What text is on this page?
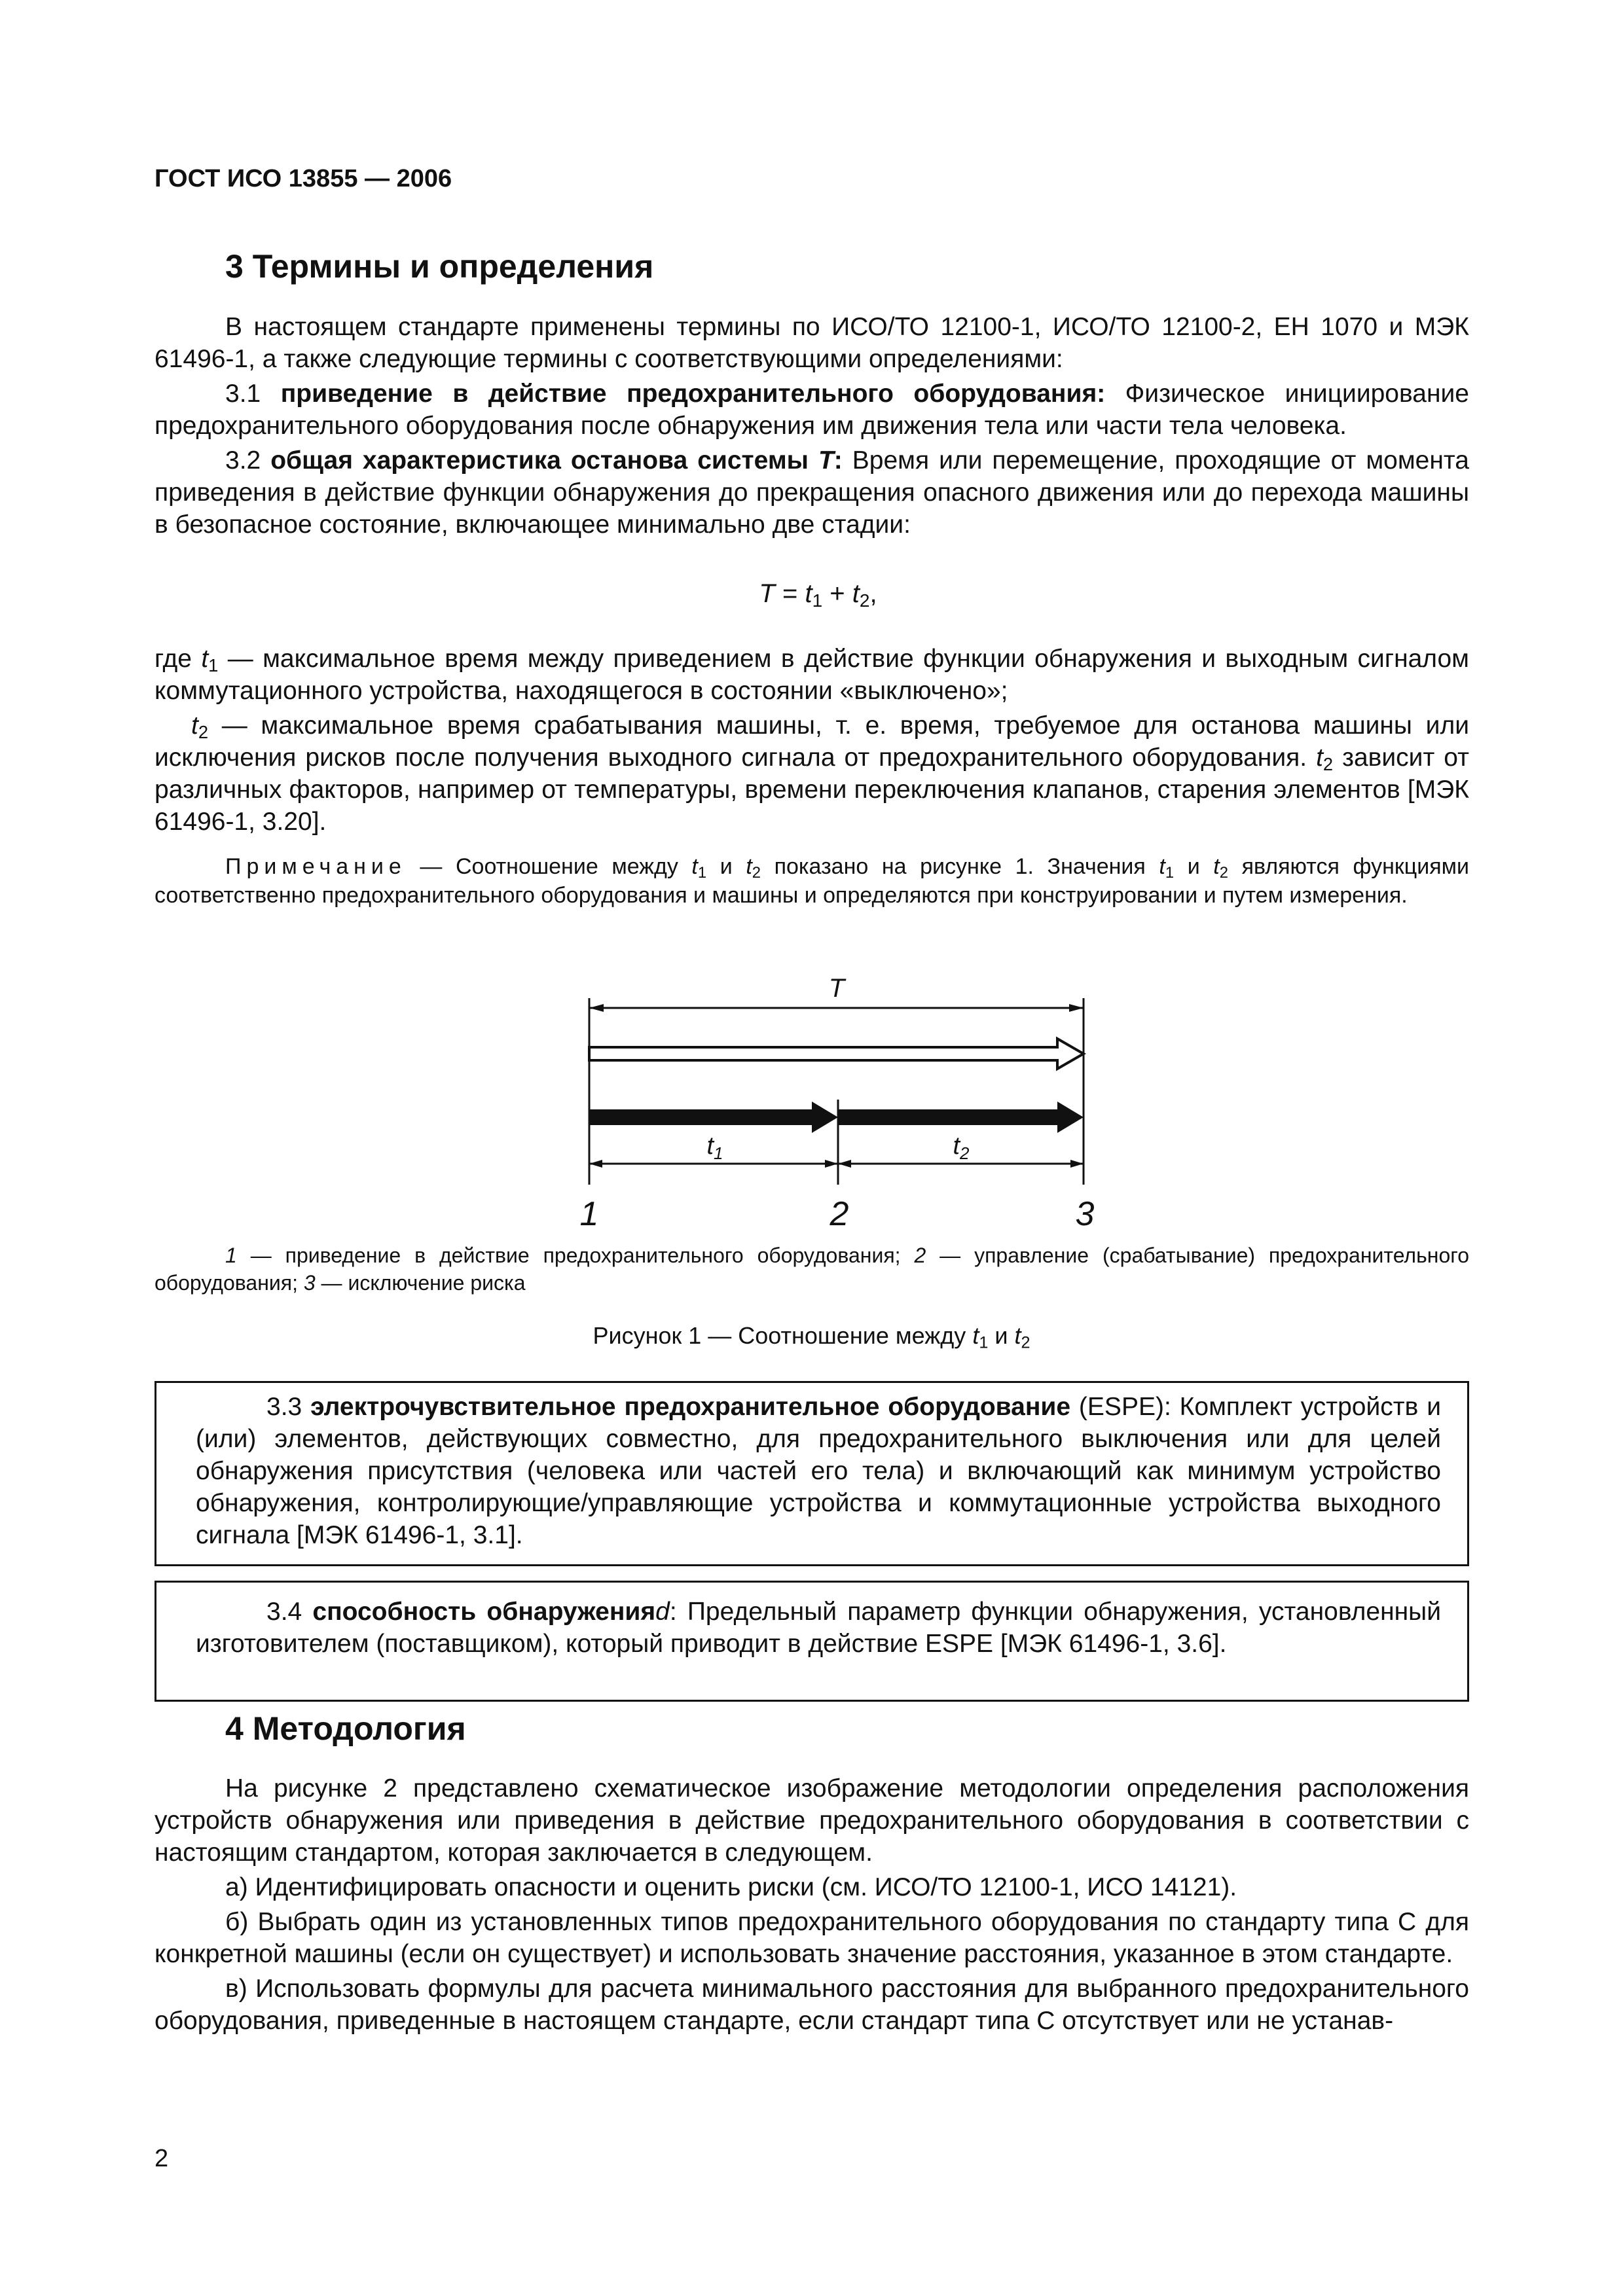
ГОСТ ИСО 13855 — 2006
3 Термины и определения

В настоящем стандарте применены термины по ИСО/ТО 12100-1, ИСО/ТО 12100-2, ЕН 1070 и МЭК 61496-1, а также следующие термины с соответствующими определениями:

3.1 приведение в действие предохранительного оборудования: Физическое инициирование предохранительного оборудования после обнаружения им движения тела или части тела человека.

3.2 общая характеристика останова системы T: Время или перемещение, проходящие от момента приведения в действие функции обнаружения до прекращения опасного движения или до перехода машины в безопасное состояние, включающее минимально две стадии:

$T = t_1 + t_2$,

где $t_1$ — максимальное время между приведением в действие функции обнаружения и выходным сигналом коммутационного устройства, находящегося в состоянии «выключено»;

$t_2$ — максимальное время срабатывания машины, т. е. время, требуемое для останова машины или исключения рисков после получения выходного сигнала от предохранительного оборудования. $t_2$ зависит от различных факторов, например от температуры, времени переключения клапанов, старения элементов [МЭК 61496-1, 3.20].

Примечание — Соотношение между $t_1$ и $t_2$ показано на рисунке 1. Значения $t_1$ и $t_2$ являются функциями соответственно предохранительного оборудования и машины и определяются при конструировании и путем измерения.
T
$t_1$	$t_2$
1	2	3
1 — приведение в действие предохранительного оборудования; 2 — управление (срабатывание) предохранительного оборудования; 3 — исключение риска
Рисунок 1 — Соотношение между $t_1$ и $t_2$

3.3 электрочувствительное предохранительное оборудование (ESPE): Комплект устройств и (или) элементов, действующих совместно, для предохранительного выключения или для целей обнаружения присутствия (человека или частей его тела) и включающий как минимум устройство обнаружения, контролирующие/управляющие устройства и коммутационные устройства выходного сигнала [МЭК 61496-1, 3.1].

3.4 способность обнаруженияd: Предельный параметр функции обнаружения, установленный изготовителем (поставщиком), который приводит в действие ESPE [МЭК 61496-1, 3.6].

4 Методология

На рисунке 2 представлено схематическое изображение методологии определения расположения устройств обнаружения или приведения в действие предохранительного оборудования в соответствии с настоящим стандартом, которая заключается в следующем.

а) Идентифицировать опасности и оценить риски (см. ИСО/ТО 12100-1, ИСО 14121).

б) Выбрать один из установленных типов предохранительного оборудования по стандарту типа С для конкретной машины (если он существует) и использовать значение расстояния, указанное в этом стандарте.

в) Использовать формулы для расчета минимального расстояния для выбранного предохранительного оборудования, приведенные в настоящем стандарте, если стандарт типа С отсутствует или не устанав-

2
